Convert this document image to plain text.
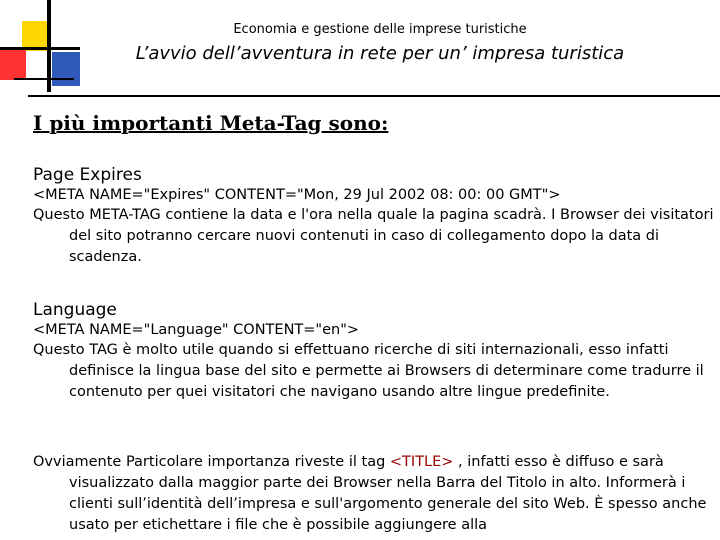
Economia e gestione delle imprese turistiche
L’avvio dell’avventura in rete per un’ impresa turistica
I più importanti Meta-Tag sono:

Page Expires

<META NAME="Expires" CONTENT="Mon, 29 Jul 2002 08: 00: 00 GMT">

Questo META-TAG contiene la data e l'ora nella quale la pagina scadrà. I Browser dei visitatori del sito potranno cercare nuovi contenuti in caso di collegamento dopo la data di scadenza.

Language

<META NAME="Language" CONTENT="en">

Questo TAG è molto utile quando si effettuano ricerche di siti internazionali, esso infatti definisce la lingua base del sito e permette ai Browsers di determinare come tradurre il contenuto per quei visitatori che navigano usando altre lingue predefinite.

Ovviamente Particolare importanza riveste il tag <TITLE> , infatti esso è diffuso e sarà visualizzato dalla maggior parte dei Browser nella Barra del Titolo in alto. Informerà i clienti sull’identità dell’impresa e sull'argomento generale del sito Web. È spesso anche usato per etichettare i file che è possibile aggiungere alla
